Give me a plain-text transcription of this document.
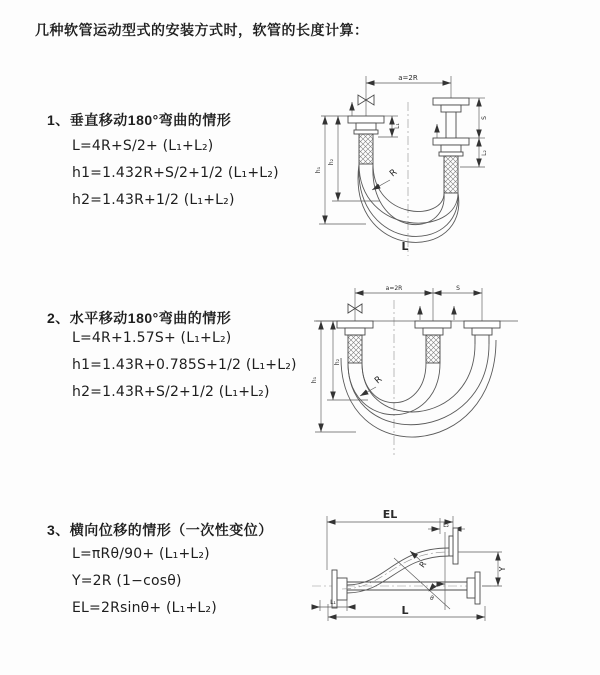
几种软管运动型式的安装方式时，软管的长度计算：
1、垂直移动180°弯曲的情形
L=4R+S/2+ (L₁+L₂)
h1=1.432R+S/2+1/2 (L₁+L₂)
h2=1.43R+1/2 (L₁+L₂)
2、水平移动180°弯曲的情形
L=4R+1.57S+ (L₁+L₂)
h1=1.43R+0.785S+1/2 (L₁+L₂)
h2=1.43R+S/2+1/2 (L₁+L₂)
3、横向位移的情形（一次性变位）
L=πRθ/90+ (L₁+L₂)
Y=2R (1−cosθ)
EL=2Rsinθ+ (L₁+L₂)
a=2R
L₁
S
L₂
h₂
h₁	R
L
a=2R	S
h₂
h₁	R
EL
L₂
θ
R	Y
L₁
L
